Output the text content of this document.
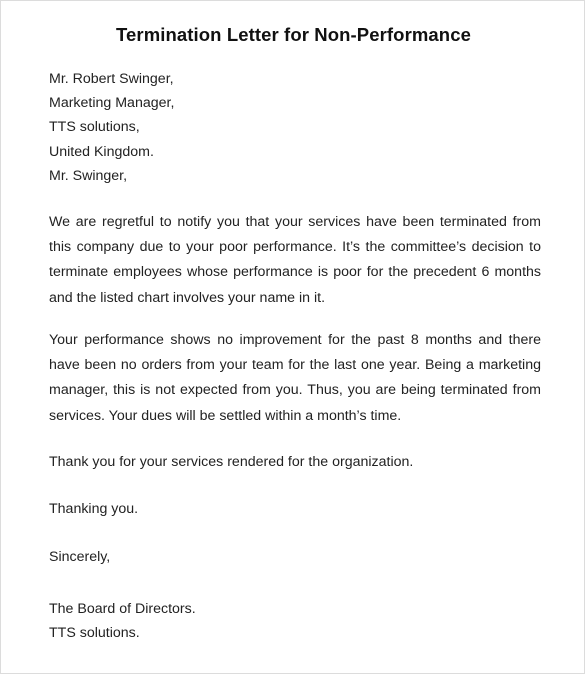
Termination Letter for Non-Performance
Mr. Robert Swinger,
Marketing Manager,
TTS solutions,
United Kingdom.
Mr. Swinger,

We are regretful to notify you that your services have been terminated from this company due to your poor performance. It’s the committee’s decision to terminate employees whose performance is poor for the precedent 6 months and the listed chart involves your name in it.

Your performance shows no improvement for the past 8 months and there have been no orders from your team for the last one year. Being a marketing manager, this is not expected from you. Thus, you are being terminated from services. Your dues will be settled within a month’s time.

Thank you for your services rendered for the organization.
Thanking you.
Sincerely,
The Board of Directors.
TTS solutions.
